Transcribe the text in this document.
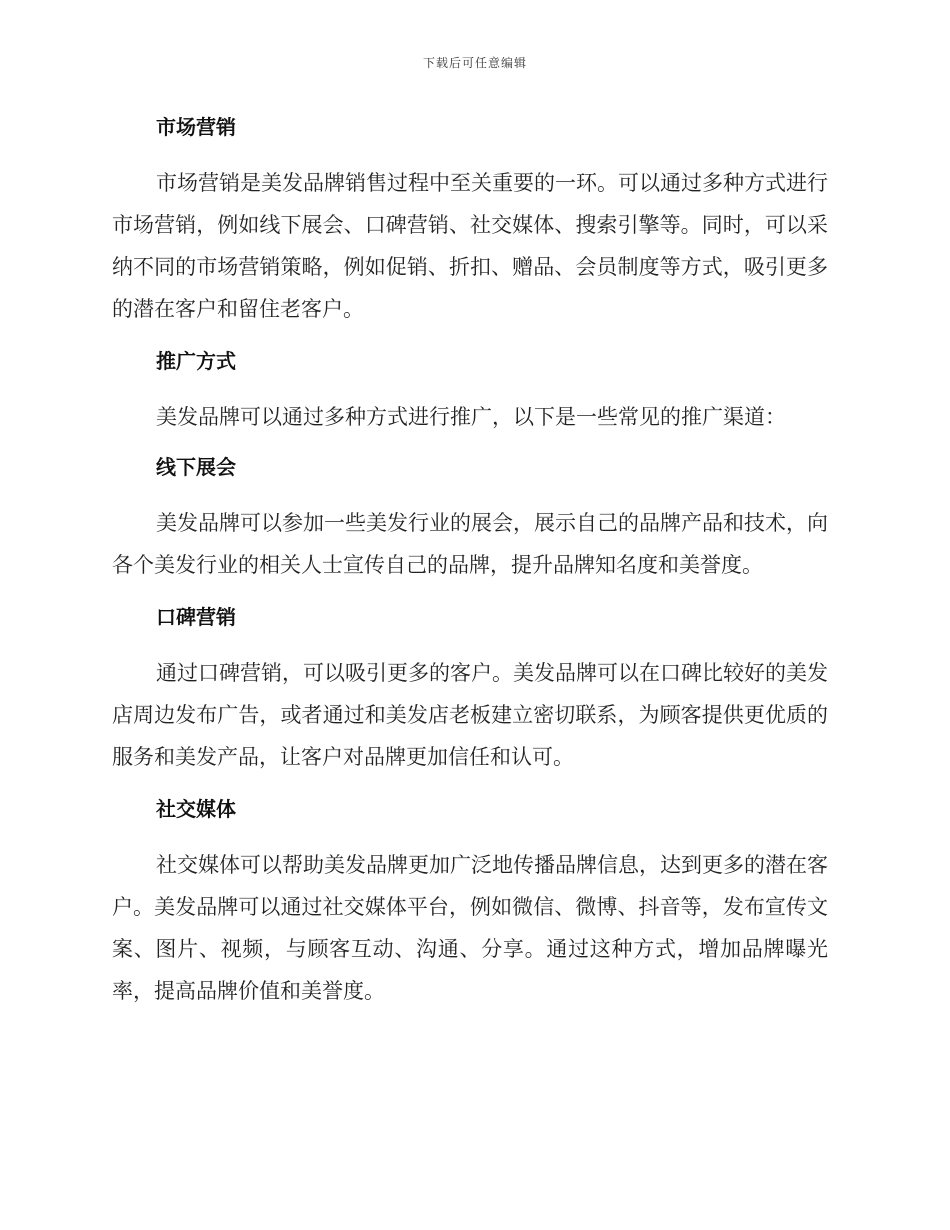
下载后可任意编辑
市场营销

市场营销是美发品牌销售过程中至关重要的一环。可以通过多种方式进行市场营销，例如线下展会、口碑营销、社交媒体、搜索引擎等。同时，可以采纳不同的市场营销策略，例如促销、折扣、赠品、会员制度等方式，吸引更多的潜在客户和留住老客户。

推广方式

美发品牌可以通过多种方式进行推广，以下是一些常见的推广渠道：

线下展会

美发品牌可以参加一些美发行业的展会，展示自己的品牌产品和技术，向各个美发行业的相关人士宣传自己的品牌，提升品牌知名度和美誉度。

口碑营销

通过口碑营销，可以吸引更多的客户。美发品牌可以在口碑比较好的美发店周边发布广告，或者通过和美发店老板建立密切联系，为顾客提供更优质的服务和美发产品，让客户对品牌更加信任和认可。

社交媒体

社交媒体可以帮助美发品牌更加广泛地传播品牌信息，达到更多的潜在客户。美发品牌可以通过社交媒体平台，例如微信、微博、抖音等，发布宣传文案、图片、视频，与顾客互动、沟通、分享。通过这种方式，增加品牌曝光率，提高品牌价值和美誉度。
